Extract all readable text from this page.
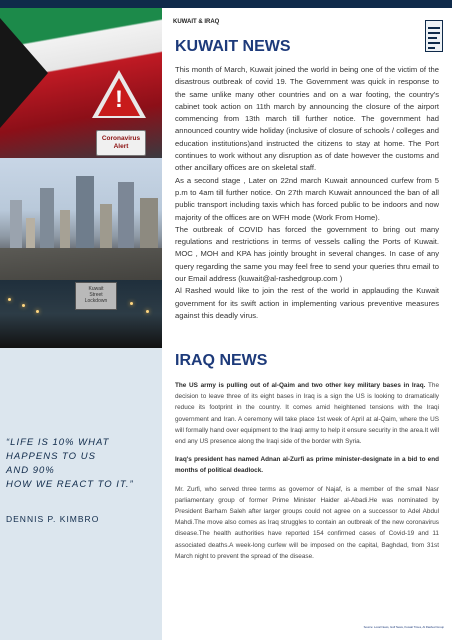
!
Coronavirus
Alert
Kuwait
Street
Lockdown
“LIFE IS 10% WHAT
HAPPENS TO US
AND 90%
HOW WE REACT TO IT.”
DENNIS P. KIMBRO
KUWAIT & IRAQ
KUWAIT NEWS

This month of March, Kuwait joined the world in being one of the victim of the disastrous outbreak of covid 19. The Government was quick in response to the same unlike many other countries and on a war footing, the country's cabinet took action on 11th march by announcing the closure of the airport commencing from 13th march till further notice. The government had announced country wide holiday (inclusive of closure of schools / colleges and education institutions)and instructed the citizens to stay at home. The Port continues to work without any disruption as of date however the customs and other ancillary offices are on skeletal staff.

As a second stage , Later on 22nd march Kuwait announced curfew from 5 p.m to 4am till further notice. On 27th march Kuwait announced the ban of all public transport including taxis which has forced public to be indoors and now majority of the offices are on WFH mode (Work From Home).

The outbreak of COVID has forced the government to bring out many regulations and restrictions in terms of vessels calling the Ports of Kuwait. MOC , MOH and KPA has jointly brought in several changes. In case of any query regarding the same you may feel free to send your queries thru email to our Email address (kuwait@al-rashedgroup.com )

Al Rashed would like to join the rest of the world in applauding the Kuwait government for its swift action in implementing various preventive measures against this deadly virus.

IRAQ NEWS

The US army is pulling out of al-Qaim and two other key military bases in Iraq. The decision to leave three of its eight bases in Iraq is a sign the US is looking to dramatically reduce its footprint in the country. It comes amid heightened tensions with the Iraqi government and Iran. A ceremony will take place 1st week of April at al-Qaim, where the US will formally hand over equipment to the Iraqi army to help it ensure security in the area.It will end any US presence along the Iraqi side of the border with Syria.

Iraq's president has named Adnan al-Zurfi as prime minister-designate in a bid to end months of political deadlock.

Mr. Zurfi, who served three terms as governor of Najaf, is a member of the small Nasr parliamentary group of former Prime Minister Haider al-Abadi.He was nominated by President Barham Saleh after larger groups could not agree on a successor to Adel Abdul Mahdi.The move also comes as Iraq struggles to contain an outbreak of the new coronavirus disease.The health authorities have reported 154 confirmed cases of Covid-19 and 11 associated deaths.A week-long curfew will be imposed on the capital, Baghdad, from 31st March night to prevent the spread of the disease.

Source: Local News, Gulf News, Kuwait Times, Al Rashed Group
